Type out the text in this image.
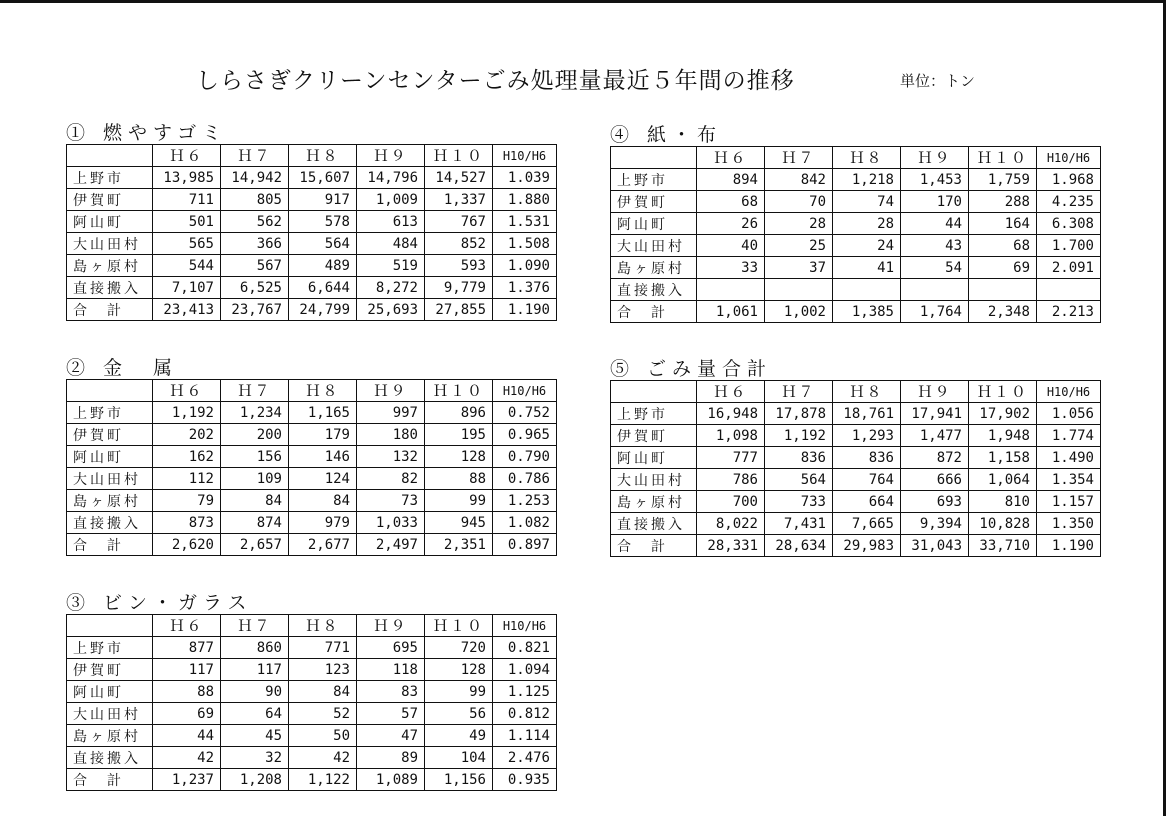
しらさぎクリーンセンターごみ処理量最近５年間の推移	単位：トン
① 燃やすゴミ
	Ｈ６	Ｈ７	Ｈ８	Ｈ９	Ｈ１０	H10/H6
上野市	13,985	14,942	15,607	14,796	14,527	1.039
伊賀町	711	805	917	1,009	1,337	1.880
阿山町	501	562	578	613	767	1.531
大山田村	565	366	564	484	852	1.508
島ヶ原村	544	567	489	519	593	1.090
直接搬入	7,107	6,525	6,644	8,272	9,779	1.376
合　計	23,413	23,767	24,799	25,693	27,855	1.190
② 金　属
	Ｈ６	Ｈ７	Ｈ８	Ｈ９	Ｈ１０	H10/H6
上野市	1,192	1,234	1,165	997	896	0.752
伊賀町	202	200	179	180	195	0.965
阿山町	162	156	146	132	128	0.790
大山田村	112	109	124	82	88	0.786
島ヶ原村	79	84	84	73	99	1.253
直接搬入	873	874	979	1,033	945	1.082
合　計	2,620	2,657	2,677	2,497	2,351	0.897
③ ビン・ガラス
	Ｈ６	Ｈ７	Ｈ８	Ｈ９	Ｈ１０	H10/H6
上野市	877	860	771	695	720	0.821
伊賀町	117	117	123	118	128	1.094
阿山町	88	90	84	83	99	1.125
大山田村	69	64	52	57	56	0.812
島ヶ原村	44	45	50	47	49	1.114
直接搬入	42	32	42	89	104	2.476
合　計	1,237	1,208	1,122	1,089	1,156	0.935
④ 紙・布
	Ｈ６	Ｈ７	Ｈ８	Ｈ９	Ｈ１０	H10/H6
上野市	894	842	1,218	1,453	1,759	1.968
伊賀町	68	70	74	170	288	4.235
阿山町	26	28	28	44	164	6.308
大山田村	40	25	24	43	68	1.700
島ヶ原村	33	37	41	54	69	2.091
直接搬入						
合　計	1,061	1,002	1,385	1,764	2,348	2.213
⑤ ごみ量合計
	Ｈ６	Ｈ７	Ｈ８	Ｈ９	Ｈ１０	H10/H6
上野市	16,948	17,878	18,761	17,941	17,902	1.056
伊賀町	1,098	1,192	1,293	1,477	1,948	1.774
阿山町	777	836	836	872	1,158	1.490
大山田村	786	564	764	666	1,064	1.354
島ヶ原村	700	733	664	693	810	1.157
直接搬入	8,022	7,431	7,665	9,394	10,828	1.350
合　計	28,331	28,634	29,983	31,043	33,710	1.190
